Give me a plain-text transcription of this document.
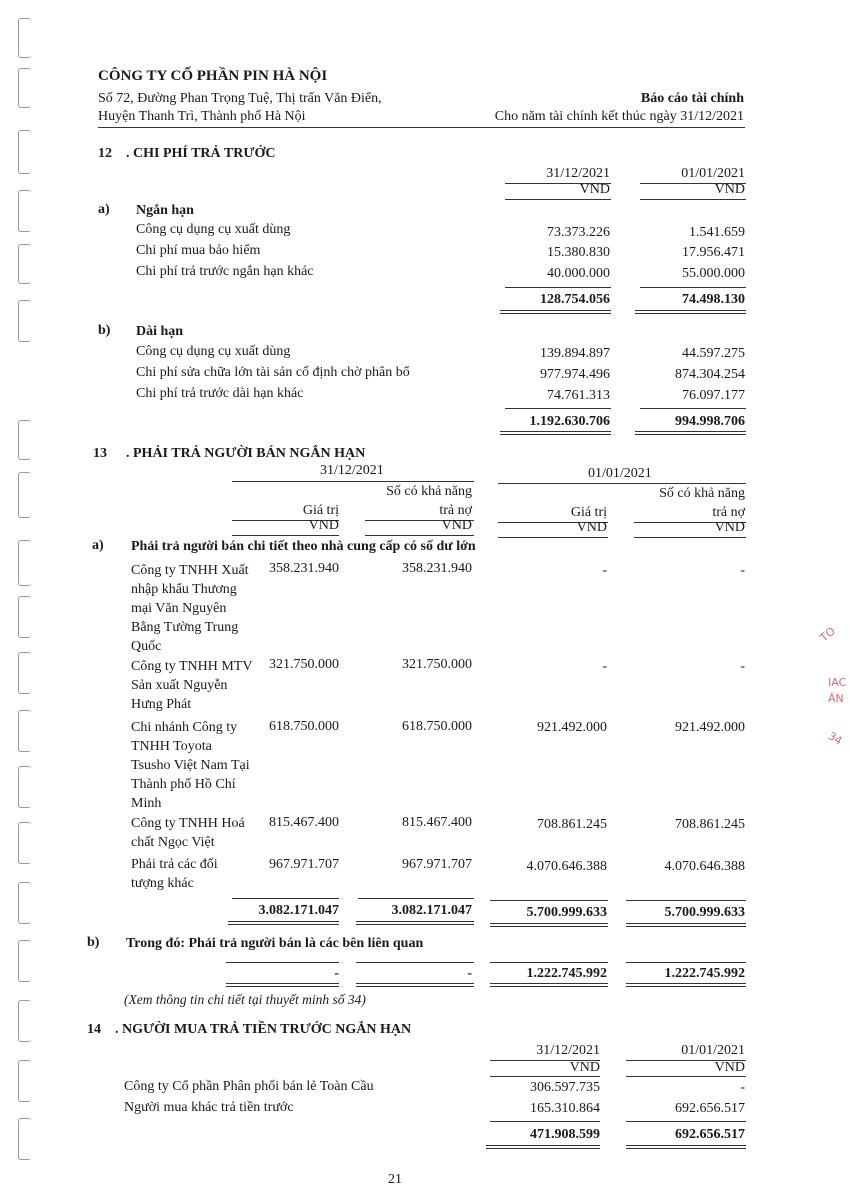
TO
IAC
ÁN
34
CÔNG TY CỔ PHẦN PIN HÀ NỘI
Số 72, Đường Phan Trọng Tuệ, Thị trấn Văn Điển,
Huyện Thanh Trì, Thành phố Hà Nội
Báo cáo tài chính
Cho năm tài chính kết thúc ngày 31/12/2021
12 . CHI PHÍ TRẢ TRƯỚC
31/12/2021	01/01/2021
VND	VND
a) Ngắn hạn
Công cụ dụng cụ xuất dùng	73.373.226	1.541.659
Chi phí mua bảo hiểm	15.380.830	17.956.471
Chi phí trả trước ngắn hạn khác	40.000.000	55.000.000
128.754.056	74.498.130
b) Dài hạn
Công cụ dụng cụ xuất dùng	139.894.897	44.597.275
Chi phí sửa chữa lớn tài sản cố định chờ phân bổ	977.974.496	874.304.254
Chi phí trả trước dài hạn khác	74.761.313	76.097.177
1.192.630.706	994.998.706
13 . PHẢI TRẢ NGƯỜI BÁN NGẮN HẠN
31/12/2021	01/01/2021
Số có khả năng	Số có khả năng
Giá trị	trả nợ	Giá trị	trả nợ
VND	VND	VND	VND
a) Phải trả người bán chi tiết theo nhà cung cấp có số dư lớn
Công ty TNHH Xuất nhập khẩu Thương mại Văn Nguyên Bằng Tường Trung Quốc
358.231.940	358.231.940	-	-
Công ty TNHH MTV Sản xuất Nguyễn Hưng Phát
321.750.000	321.750.000	-	-
Chi nhánh Công ty TNHH Toyota Tsusho Việt Nam Tại Thành phố Hồ Chí Minh
618.750.000	618.750.000	921.492.000	921.492.000
Công ty TNHH Hoá chất Ngọc Việt
815.467.400	815.467.400	708.861.245	708.861.245
Phải trả các đối tượng khác
967.971.707	967.971.707	4.070.646.388	4.070.646.388
3.082.171.047	3.082.171.047	5.700.999.633	5.700.999.633
b) Trong đó: Phải trả người bán là các bên liên quan
-	-	1.222.745.992	1.222.745.992
(Xem thông tin chi tiết tại thuyết minh số 34)
14 . NGƯỜI MUA TRẢ TIỀN TRƯỚC NGẮN HẠN
31/12/2021	01/01/2021
VND	VND
Công ty Cổ phần Phân phối bán lẻ Toàn Cầu	306.597.735	-
Người mua khác trả tiền trước	165.310.864	692.656.517
471.908.599	692.656.517
21
